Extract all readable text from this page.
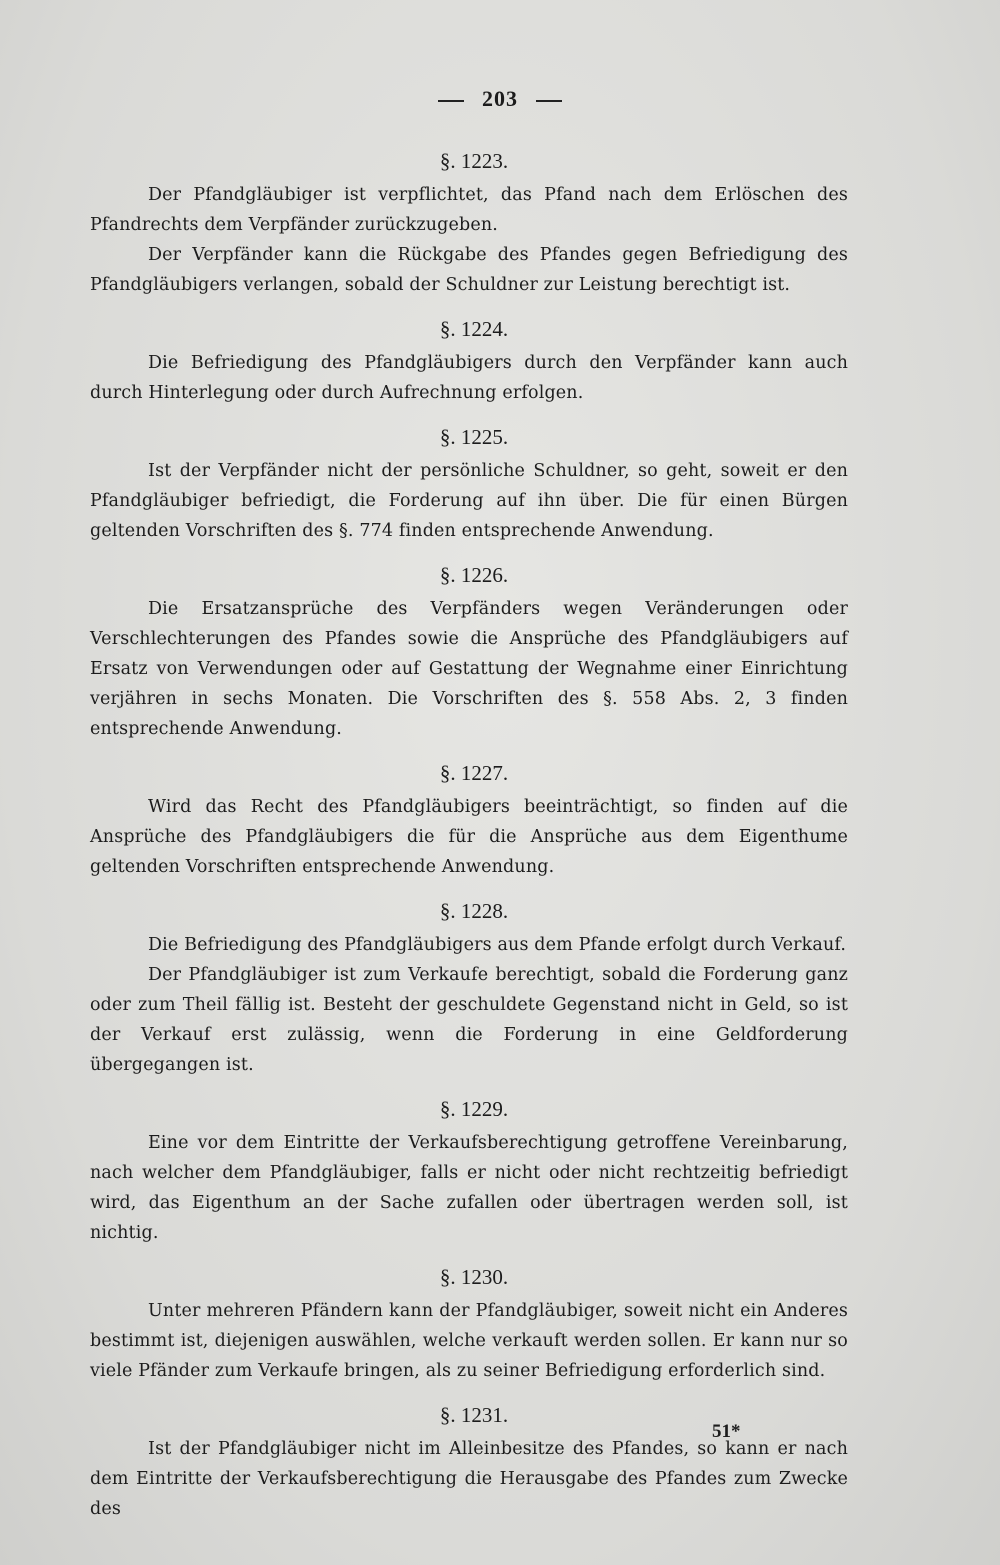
203
§. 1223.

Der Pfandgläubiger ist verpflichtet, das Pfand nach dem Erlöschen des Pfandrechts dem Verpfänder zurückzugeben.

Der Verpfänder kann die Rückgabe des Pfandes gegen Befriedigung des Pfandgläubigers verlangen, sobald der Schuldner zur Leistung berechtigt ist.

§. 1224.

Die Befriedigung des Pfandgläubigers durch den Verpfänder kann auch durch Hinterlegung oder durch Aufrechnung erfolgen.

§. 1225.

Ist der Verpfänder nicht der persönliche Schuldner, so geht, soweit er den Pfandgläubiger befriedigt, die Forderung auf ihn über. Die für einen Bürgen geltenden Vorschriften des §. 774 finden entsprechende Anwendung.

§. 1226.

Die Ersatzansprüche des Verpfänders wegen Veränderungen oder Verschlechterungen des Pfandes sowie die Ansprüche des Pfandgläubigers auf Ersatz von Verwendungen oder auf Gestattung der Wegnahme einer Einrichtung verjähren in sechs Monaten. Die Vorschriften des §. 558 Abs. 2, 3 finden entsprechende Anwendung.

§. 1227.

Wird das Recht des Pfandgläubigers beeinträchtigt, so finden auf die Ansprüche des Pfandgläubigers die für die Ansprüche aus dem Eigenthume geltenden Vorschriften entsprechende Anwendung.

§. 1228.

Die Befriedigung des Pfandgläubigers aus dem Pfande erfolgt durch Verkauf.

Der Pfandgläubiger ist zum Verkaufe berechtigt, sobald die Forderung ganz oder zum Theil fällig ist. Besteht der geschuldete Gegenstand nicht in Geld, so ist der Verkauf erst zulässig, wenn die Forderung in eine Geldforderung übergegangen ist.

§. 1229.

Eine vor dem Eintritte der Verkaufsberechtigung getroffene Vereinbarung, nach welcher dem Pfandgläubiger, falls er nicht oder nicht rechtzeitig befriedigt wird, das Eigenthum an der Sache zufallen oder übertragen werden soll, ist nichtig.

§. 1230.

Unter mehreren Pfändern kann der Pfandgläubiger, soweit nicht ein Anderes bestimmt ist, diejenigen auswählen, welche verkauft werden sollen. Er kann nur so viele Pfänder zum Verkaufe bringen, als zu seiner Befriedigung erforderlich sind.

§. 1231.

Ist der Pfandgläubiger nicht im Alleinbesitze des Pfandes, so kann er nach dem Eintritte der Verkaufsberechtigung die Herausgabe des Pfandes zum Zwecke des

51*
